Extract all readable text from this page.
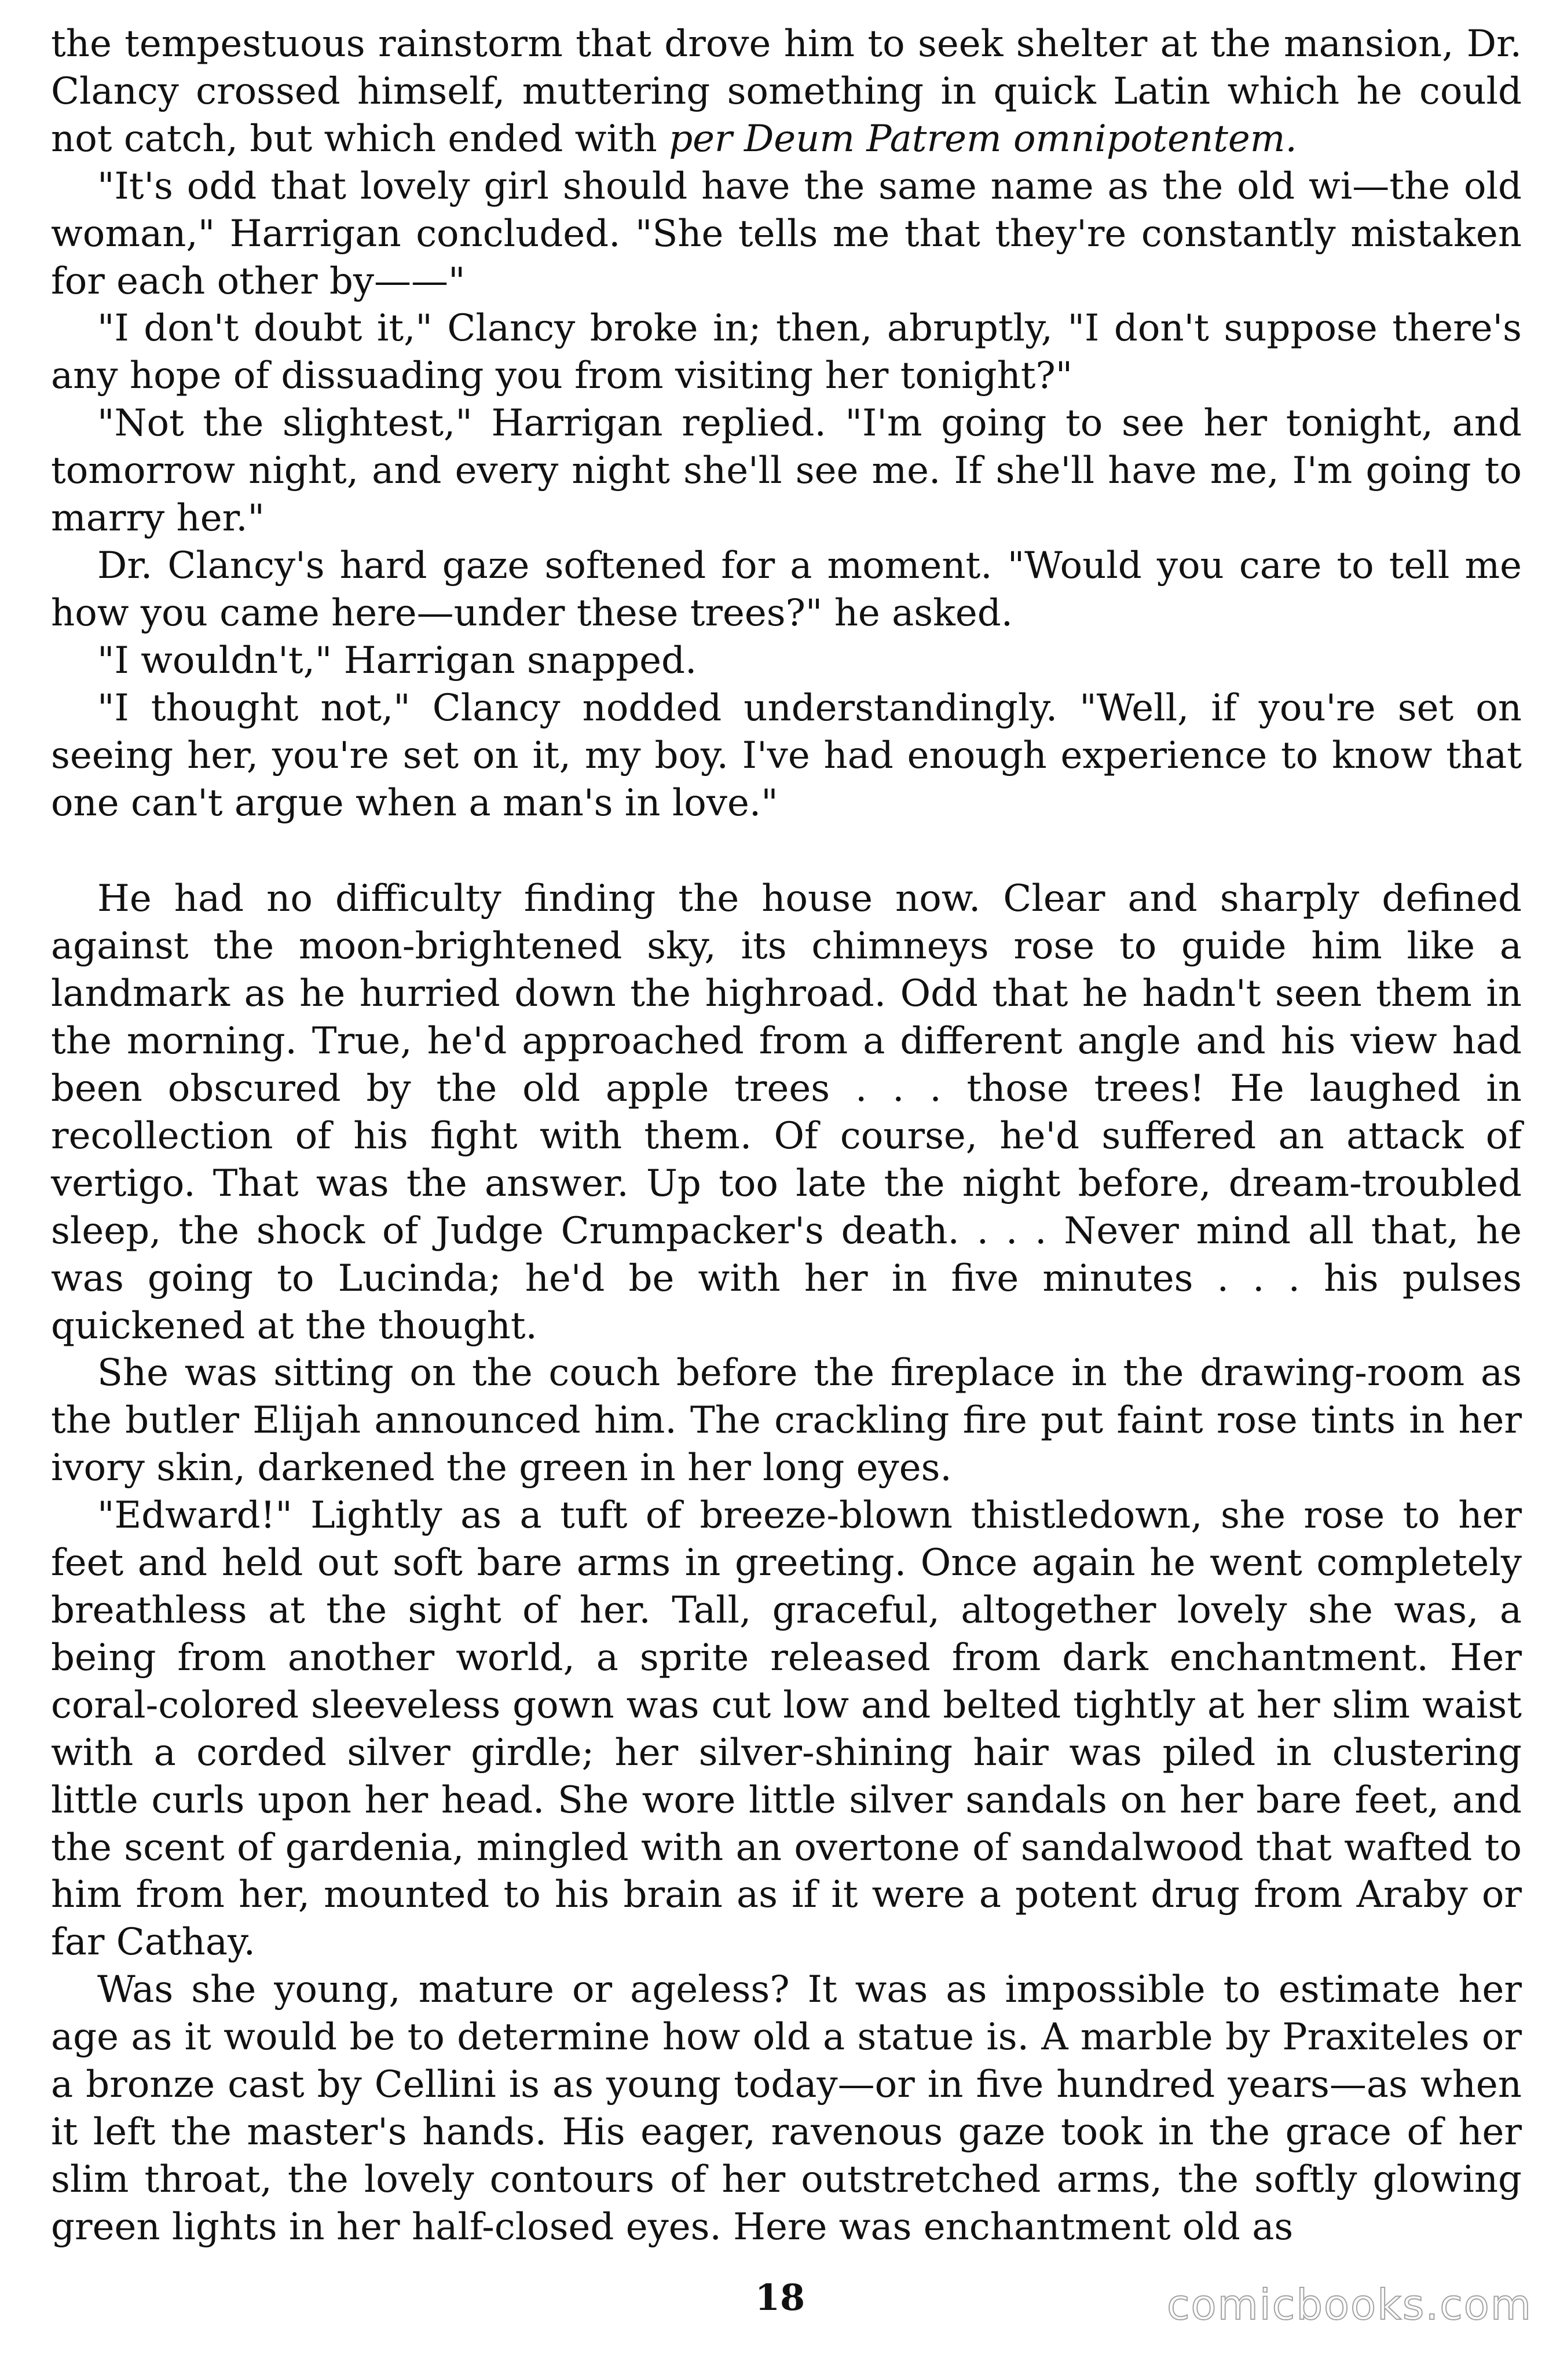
the tempestuous rainstorm that drove him to seek shelter at the mansion, Dr. Clancy crossed himself, muttering something in quick Latin which he could not catch, but which ended with per Deum Patrem omnipotentem.

"It's odd that lovely girl should have the same name as the old wi—the old woman," Harrigan concluded. "She tells me that they're constantly mistaken for each other by——"

"I don't doubt it," Clancy broke in; then, abruptly, "I don't suppose there's any hope of dissuading you from visiting her tonight?"

"Not the slightest," Harrigan replied. "I'm going to see her tonight, and tomorrow night, and every night she'll see me. If she'll have me, I'm going to marry her."

Dr. Clancy's hard gaze softened for a moment. "Would you care to tell me how you came here—under these trees?" he asked.

"I wouldn't," Harrigan snapped.

"I thought not," Clancy nodded understandingly. "Well, if you're set on seeing her, you're set on it, my boy. I've had enough experience to know that one can't argue when a man's in love."

He had no difficulty finding the house now. Clear and sharply defined against the moon-brightened sky, its chimneys rose to guide him like a landmark as he hurried down the highroad. Odd that he hadn't seen them in the morning. True, he'd approached from a different angle and his view had been obscured by the old apple trees . . . those trees! He laughed in recollection of his fight with them. Of course, he'd suffered an attack of vertigo. That was the answer. Up too late the night before, dream-troubled sleep, the shock of Judge Crumpacker's death. . . . Never mind all that, he was going to Lucinda; he'd be with her in five minutes . . . his pulses quickened at the thought.

She was sitting on the couch before the fireplace in the drawing-room as the butler Elijah announced him. The crackling fire put faint rose tints in her ivory skin, darkened the green in her long eyes.

"Edward!" Lightly as a tuft of breeze-blown thistledown, she rose to her feet and held out soft bare arms in greeting. Once again he went completely breathless at the sight of her. Tall, graceful, altogether lovely she was, a being from another world, a sprite released from dark enchantment. Her coral-colored sleeveless gown was cut low and belted tightly at her slim waist with a corded silver girdle; her silver-shining hair was piled in clustering little curls upon her head. She wore little silver sandals on her bare feet, and the scent of gardenia, mingled with an overtone of sandalwood that wafted to him from her, mounted to his brain as if it were a potent drug from Araby or far Cathay.

Was she young, mature or ageless? It was as impossible to estimate her age as it would be to determine how old a statue is. A marble by Praxiteles or a bronze cast by Cellini is as young today—or in five hundred years—as when it left the master's hands. His eager, ravenous gaze took in the grace of her slim throat, the lovely contours of her outstretched arms, the softly glowing green lights in her half-closed eyes. Here was enchantment old as

18	comicbooks.com
